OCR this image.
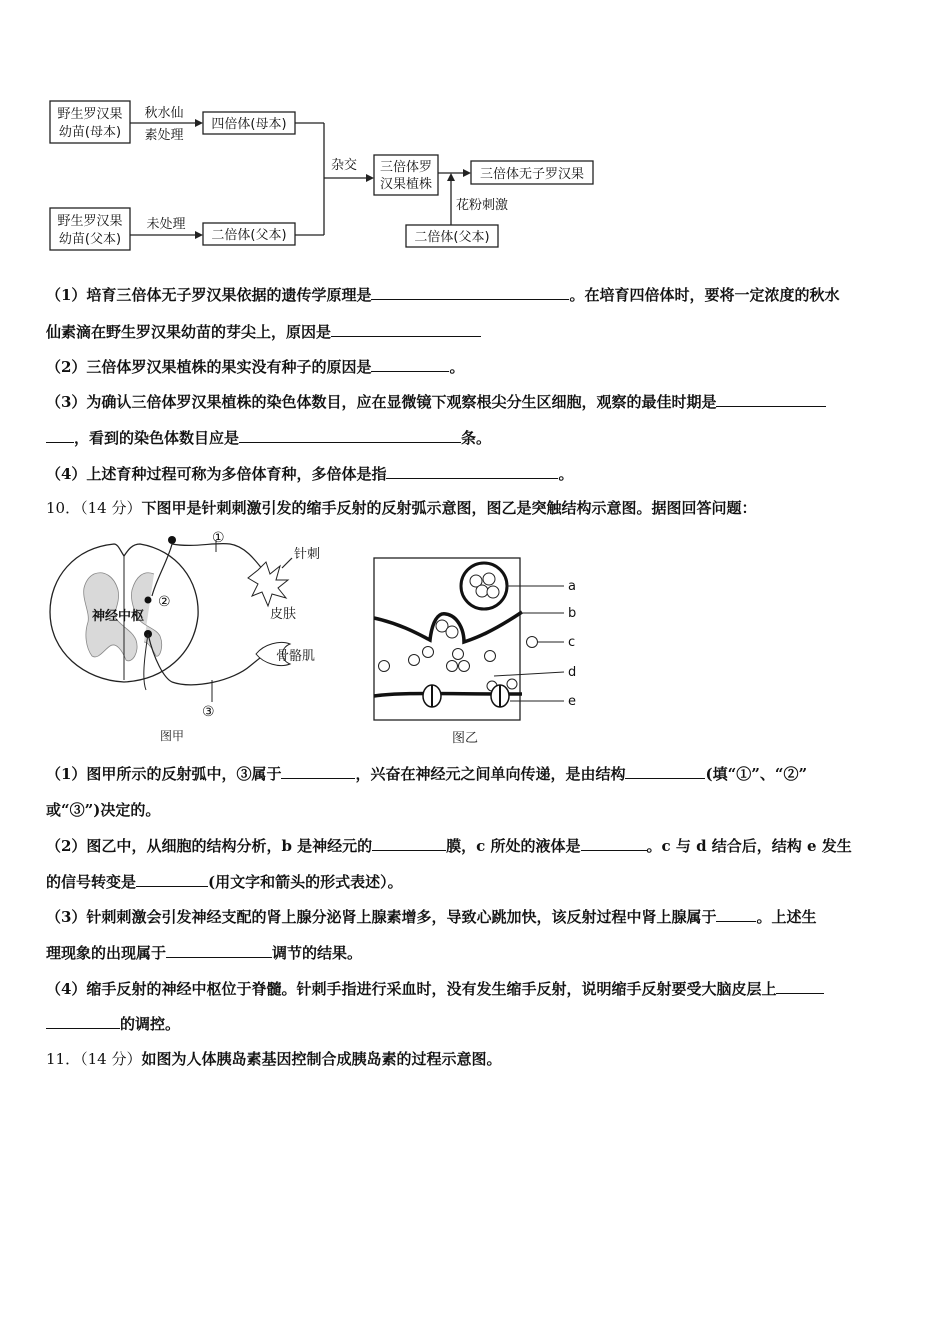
野生罗汉果
幼苗(母本)
秋水仙
素处理
四倍体(母本)
杂交
野生罗汉果
幼苗(父本)
未处理
二倍体(父本)
三倍体罗
汉果植株
三倍体无子罗汉果
花粉刺激
二倍体(父本)
（1）培育三倍体无子罗汉果依据的遗传学原理是	。在培育四倍体时，要将一定浓度的秋水
仙素滴在野生罗汉果幼苗的芽尖上，原因是
（2）三倍体罗汉果植株的果实没有种子的原因是	。
（3）为确认三倍体罗汉果植株的染色体数目，应在显微镜下观察根尖分生区细胞，观察的最佳时期是
，看到的染色体数目应是	条。
（4）上述育种过程可称为多倍体育种，多倍体是指	。
10．（14 分）下图甲是针刺刺激引发的缩手反射的反射弧示意图，图乙是突触结构示意图。据图回答问题：
神经中枢
①
②
③
针刺
皮肤
骨骼肌
图甲
a
b
c
d
e
图乙
（1）图甲所示的反射弧中，③属于	，兴奋在神经元之间单向传递，是由结构	(填“①”、“②”
或“③”)决定的。
（2）图乙中，从细胞的结构分析，b 是神经元的	膜，c 所处的液体是	。c 与 d 结合后，结构 e 发生
的信号转变是	(用文字和箭头的形式表述）。
（3）针刺刺激会引发神经支配的肾上腺分泌肾上腺素增多，导致心跳加快，该反射过程中肾上腺属于	。上述生
理现象的出现属于	调节的结果。
（4）缩手反射的神经中枢位于脊髓。针刺手指进行采血时，没有发生缩手反射，说明缩手反射要受大脑皮层上
的调控。
11．（14 分）如图为人体胰岛素基因控制合成胰岛素的过程示意图。
